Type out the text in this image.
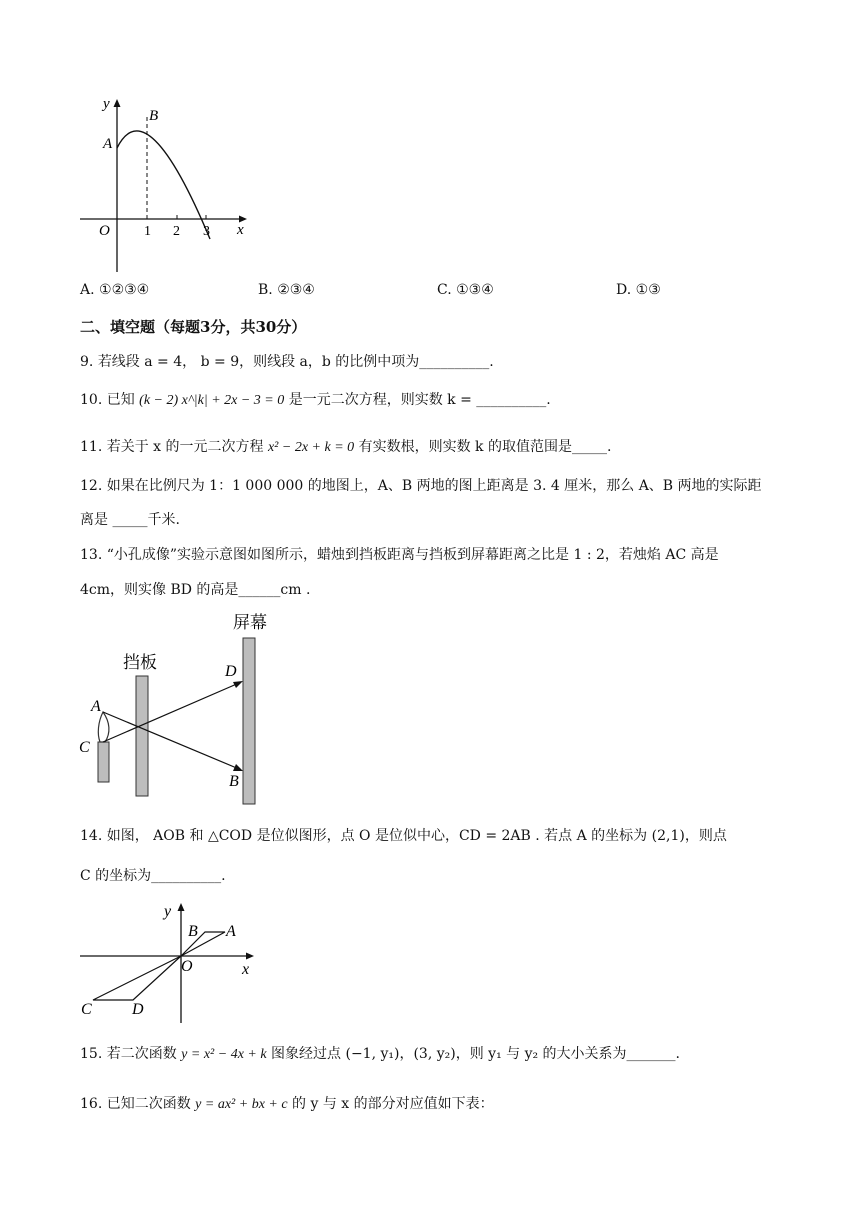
y
x
O
A
B
1 2 3
A. ①②③④	B. ②③④	C. ①③④	D. ①③
二、填空题（每题3分，共30分）
9. 若线段 a = 4， b = 9，则线段 a，b 的比例中项为__________.
10. 已知 (k − 2) x^|k| + 2x − 3 = 0 是一元二次方程，则实数 k = __________.
11. 若关于 x 的一元二次方程 x² − 2x + k = 0 有实数根，则实数 k 的取值范围是_____.
12. 如果在比例尺为 1：1 000 000 的地图上，A、B 两地的图上距离是 3. 4 厘米，那么 A、B 两地的实际距
离是 _____千米.
13. “小孔成像”实验示意图如图所示，蜡烛到挡板距离与挡板到屏幕距离之比是 1 : 2，若烛焰 AC 高是
4cm，则实像 BD 的高是______cm .
屏幕
挡板
A
C
D
B
14. 如图， AOB 和 △COD 是位似图形，点 O 是位似中心，CD = 2AB . 若点 A 的坐标为 (2,1)，则点
C 的坐标为__________.
y
x
O
B A
C	D
15. 若二次函数 y = x² − 4x + k 图象经过点 (−1, y₁)，(3, y₂)，则 y₁ 与 y₂ 的大小关系为_______.
16. 已知二次函数 y = ax² + bx + c 的 y 与 x 的部分对应值如下表：
